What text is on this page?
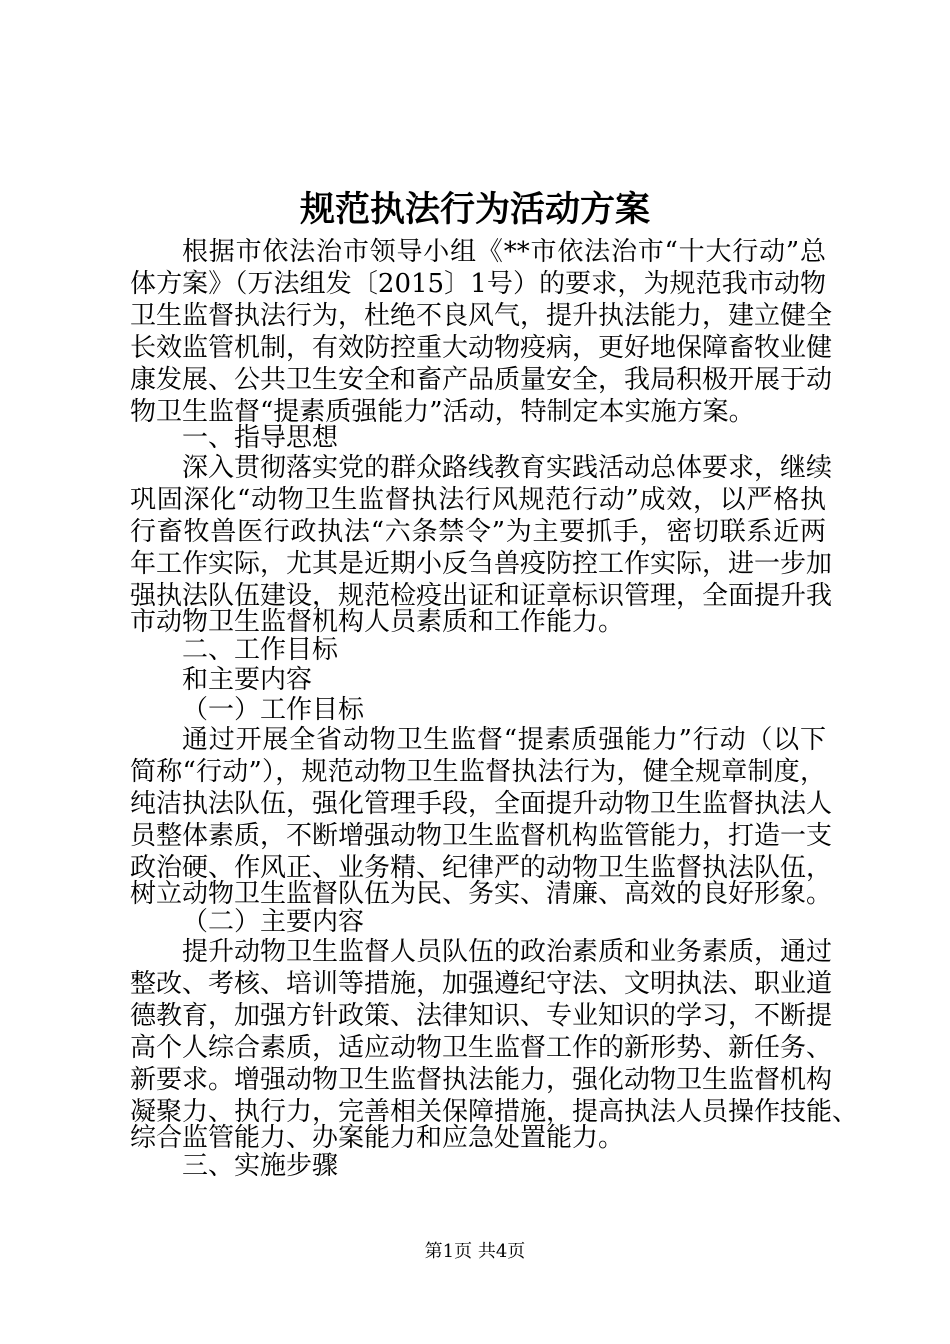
规范执法行为活动方案

根据市依法治市领导小组《**市依法治市“十大行动”总

体方案》（万法组发〔2015〕1号）的要求，为规范我市动物

卫生监督执法行为，杜绝不良风气，提升执法能力，建立健全

长效监管机制，有效防控重大动物疫病，更好地保障畜牧业健

康发展、公共卫生安全和畜产品质量安全，我局积极开展于动

物卫生监督“提素质强能力”活动，特制定本实施方案。

一、指导思想

深入贯彻落实党的群众路线教育实践活动总体要求，继续

巩固深化“动物卫生监督执法行风规范行动”成效，以严格执

行畜牧兽医行政执法“六条禁令”为主要抓手，密切联系近两

年工作实际，尤其是近期小反刍兽疫防控工作实际，进一步加

强执法队伍建设，规范检疫出证和证章标识管理，全面提升我

市动物卫生监督机构人员素质和工作能力。

二、工作目标

和主要内容

（一）工作目标

通过开展全省动物卫生监督“提素质强能力”行动（以下

简称“行动”），规范动物卫生监督执法行为，健全规章制度，

纯洁执法队伍，强化管理手段，全面提升动物卫生监督执法人

员整体素质，不断增强动物卫生监督机构监管能力，打造一支

政治硬、作风正、业务精、纪律严的动物卫生监督执法队伍，

树立动物卫生监督队伍为民、务实、清廉、高效的良好形象。

（二）主要内容

提升动物卫生监督人员队伍的政治素质和业务素质，通过

整改、考核、培训等措施，加强遵纪守法、文明执法、职业道

德教育，加强方针政策、法律知识、专业知识的学习，不断提

高个人综合素质，适应动物卫生监督工作的新形势、新任务、

新要求。增强动物卫生监督执法能力，强化动物卫生监督机构

凝聚力、执行力，完善相关保障措施，提高执法人员操作技能、

综合监管能力、办案能力和应急处置能力。

三、实施步骤

第1页 共4页
